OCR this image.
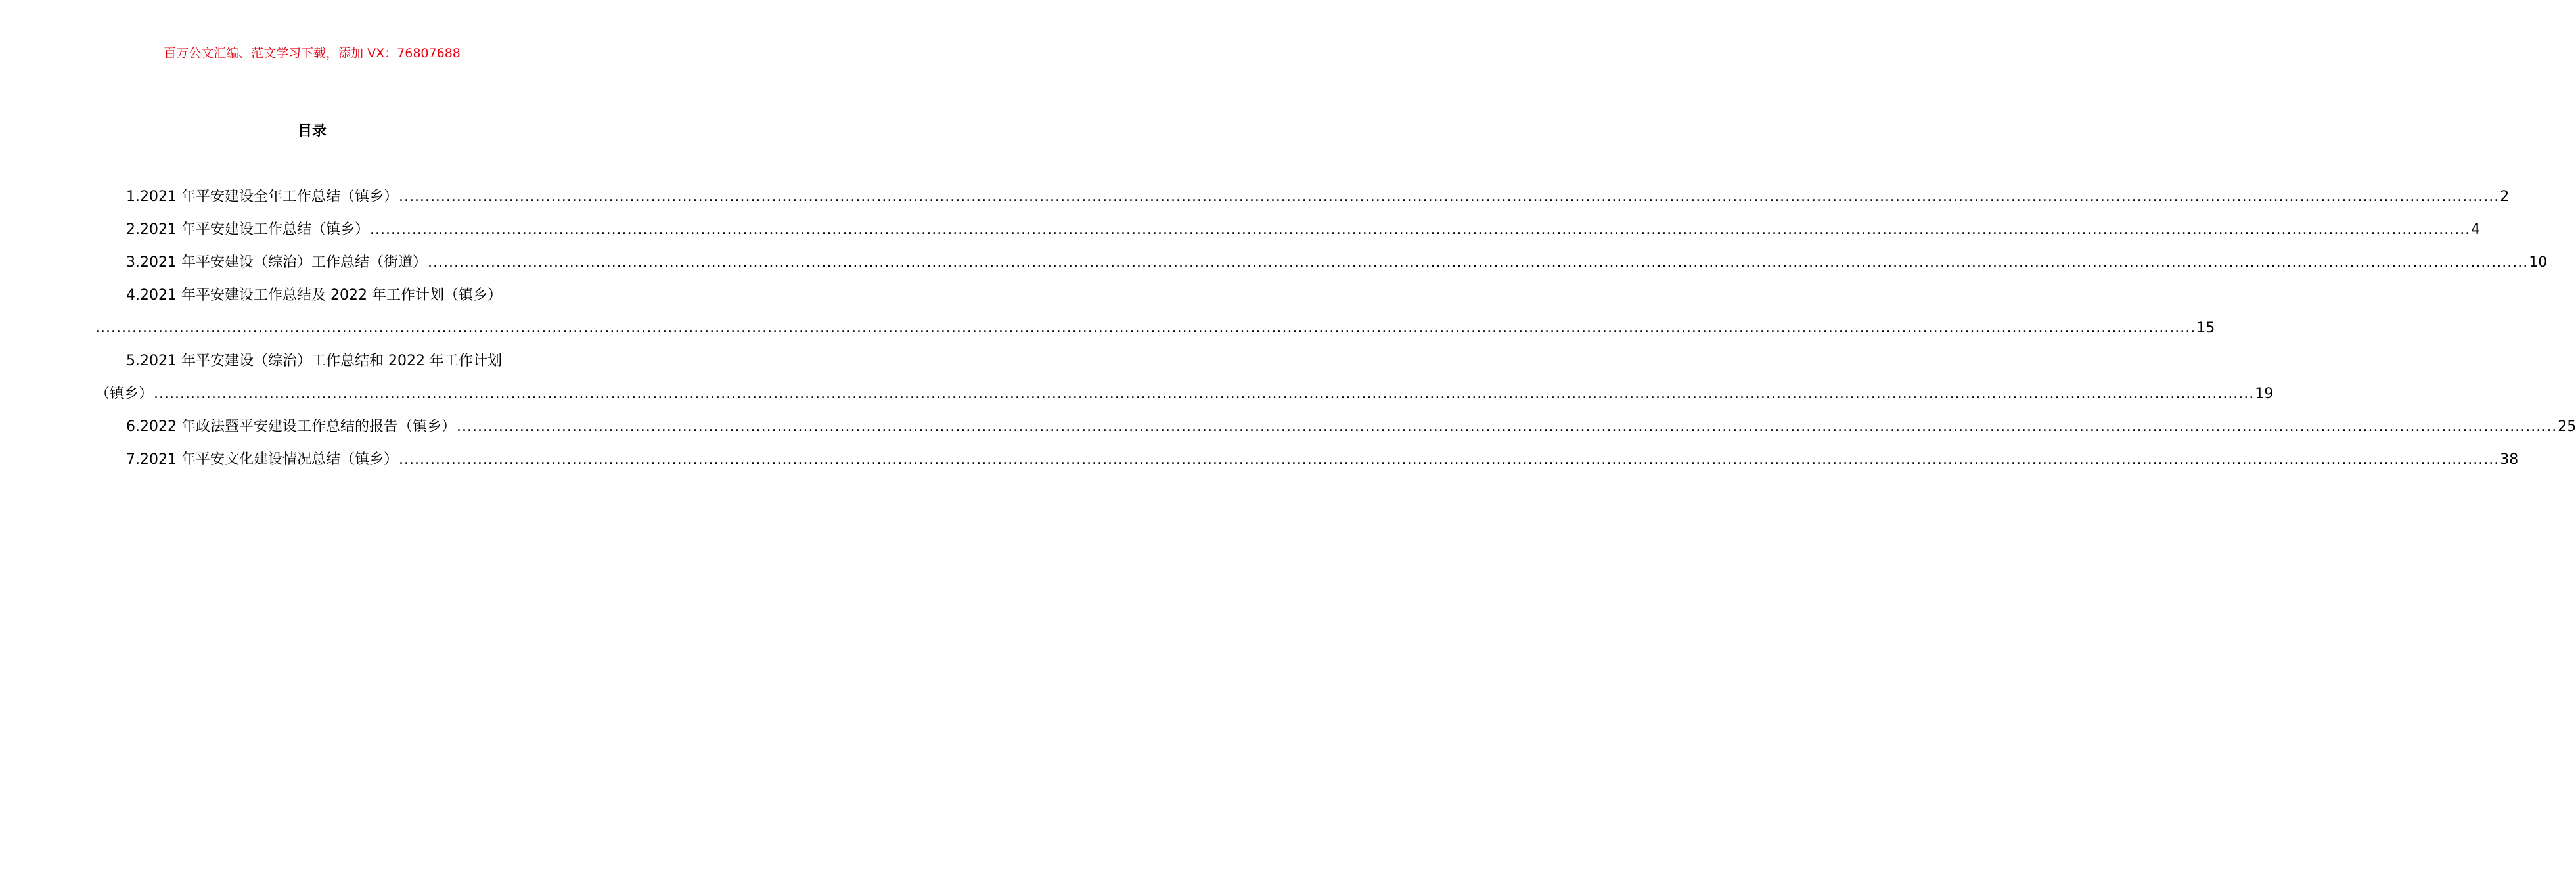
百万公文汇编、范文学习下载，添加 VX：76807688
目录
1.2021 年平安建设全年工作总结（镇乡） ................................................................................................................................................................................................................................................................................................................................................................................................................ 2
2.2021 年平安建设工作总结（镇乡） ................................................................................................................................................................................................................................................................................................................................................................................................................ 4
3.2021 年平安建设（综治）工作总结（街道） ................................................................................................................................................................................................................................................................................................................................................................................................................ 10
4.2021 年平安建设工作总结及 2022 年工作计划（镇乡）
................................................................................................................................................................................................................................................................................................................................................................................................................ 15
5.2021 年平安建设（综治）工作总结和 2022 年工作计划
（镇乡） ................................................................................................................................................................................................................................................................................................................................................................................................................ 19
6.2022 年政法暨平安建设工作总结的报告（镇乡） ................................................................................................................................................................................................................................................................................................................................................................................................................ 25
7.2021 年平安文化建设情况总结（镇乡） ................................................................................................................................................................................................................................................................................................................................................................................................................ 38
